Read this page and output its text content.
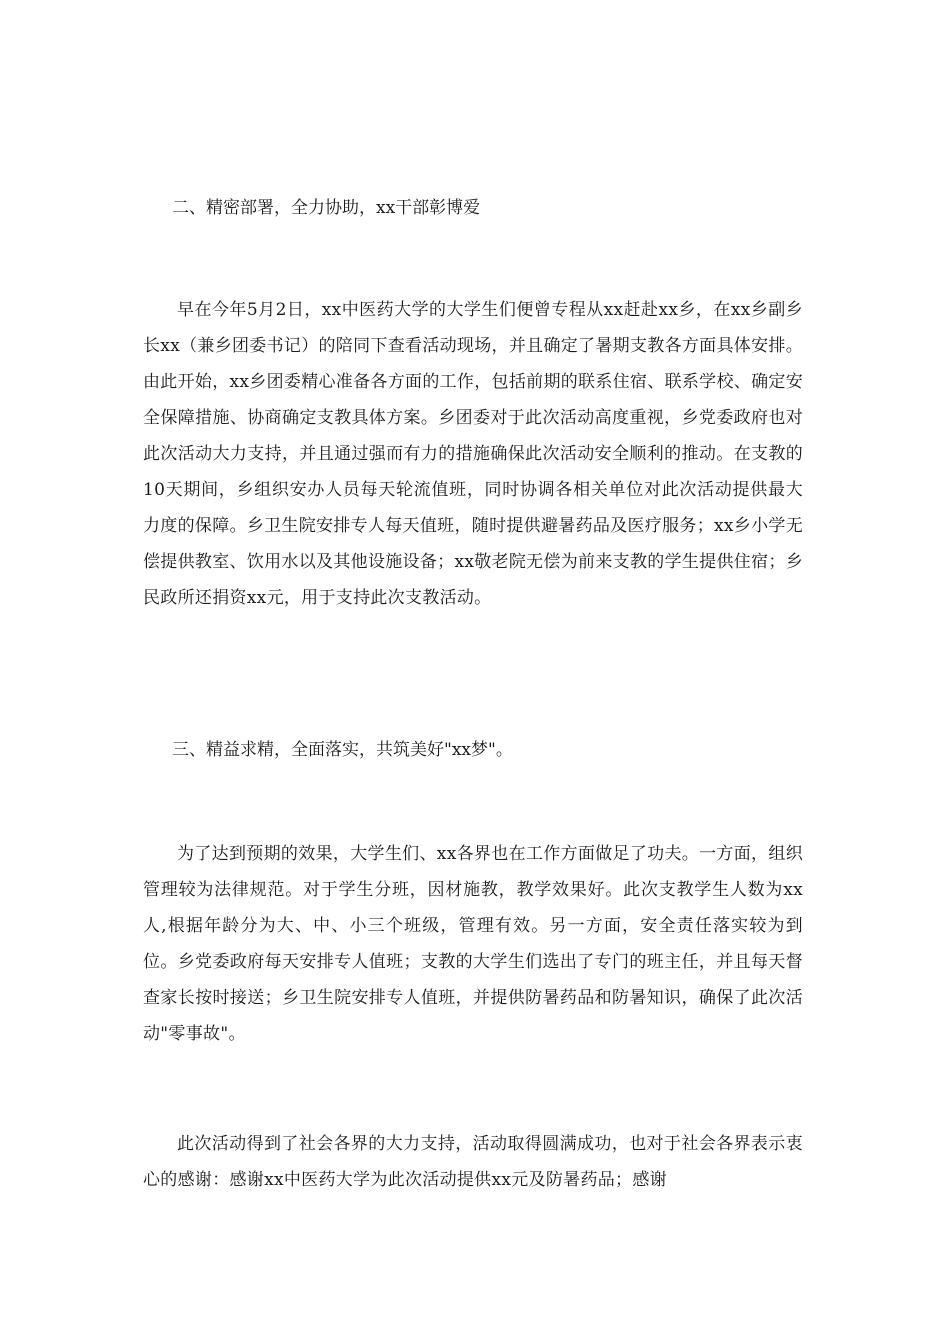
二、精密部署，全力协助，xx干部彰博爱

早在今年5月2日，xx中医药大学的大学生们便曾专程从xx赶赴xx乡，在xx乡副乡长xx（兼乡团委书记）的陪同下查看活动现场，并且确定了暑期支教各方面具体安排。由此开始，xx乡团委精心准备各方面的工作，包括前期的联系住宿、联系学校、确定安全保障措施、协商确定支教具体方案。乡团委对于此次活动高度重视，乡党委政府也对此次活动大力支持，并且通过强而有力的措施确保此次活动安全顺利的推动。在支教的10天期间，乡组织安办人员每天轮流值班，同时协调各相关单位对此次活动提供最大力度的保障。乡卫生院安排专人每天值班，随时提供避暑药品及医疗服务；xx乡小学无偿提供教室、饮用水以及其他设施设备；xx敬老院无偿为前来支教的学生提供住宿；乡民政所还捐资xx元，用于支持此次支教活动。

三、精益求精，全面落实，共筑美好"xx梦"。

为了达到预期的效果，大学生们、xx各界也在工作方面做足了功夫。一方面，组织管理较为法律规范。对于学生分班，因材施教，教学效果好。此次支教学生人数为xx人,根据年龄分为大、中、小三个班级，管理有效。另一方面，安全责任落实较为到位。乡党委政府每天安排专人值班；支教的大学生们选出了专门的班主任，并且每天督查家长按时接送；乡卫生院安排专人值班，并提供防暑药品和防暑知识，确保了此次活动"零事故"。

此次活动得到了社会各界的大力支持，活动取得圆满成功，也对于社会各界表示衷心的感谢：感谢xx中医药大学为此次活动提供xx元及防暑药品；感谢
